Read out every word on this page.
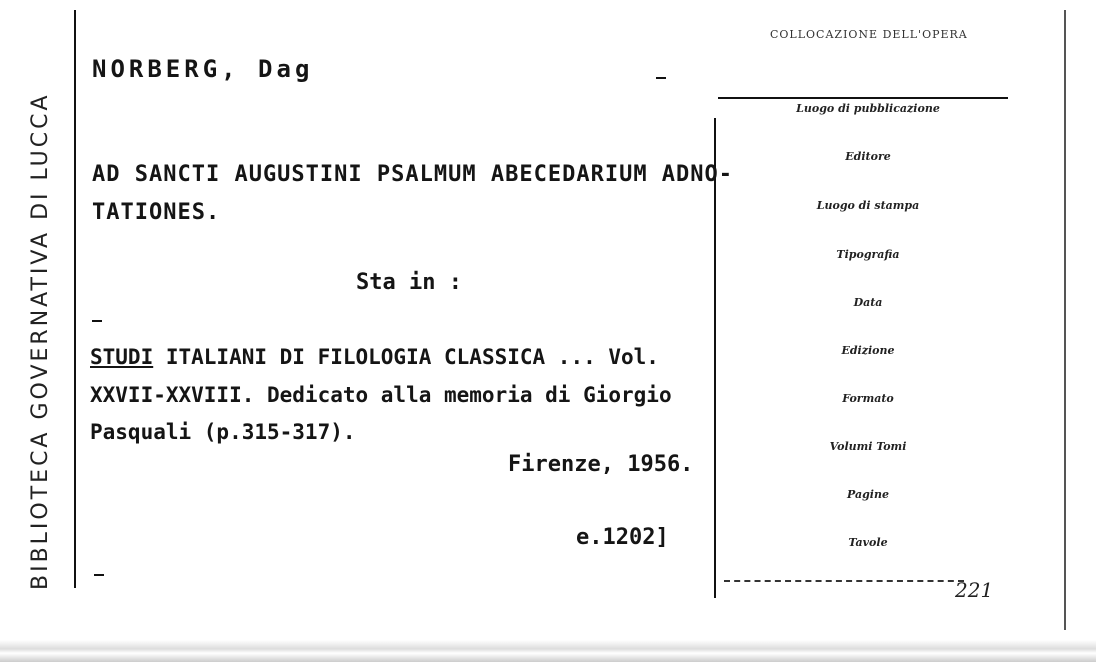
BIBLIOTECA GOVERNATIVA DI LUCCA
NORBERG, Dag
AD SANCTI AUGUSTINI PSALMUM ABECEDARIUM ADNO-
TATIONES.
Sta in :
STUDI ITALIANI DI FILOLOGIA CLASSICA ... Vol.
XXVII-XXVIII. Dedicato alla memoria di Giorgio
Pasquali (p.315-317).
Firenze, 1956.
e.1202]
COLLOCAZIONE DELL'OPERA
Luogo di pubblicazione
Editore
Luogo di stampa
Tipografia
Data
Edizione
Formato
Volumi Tomi
Pagine
Tavole
221
